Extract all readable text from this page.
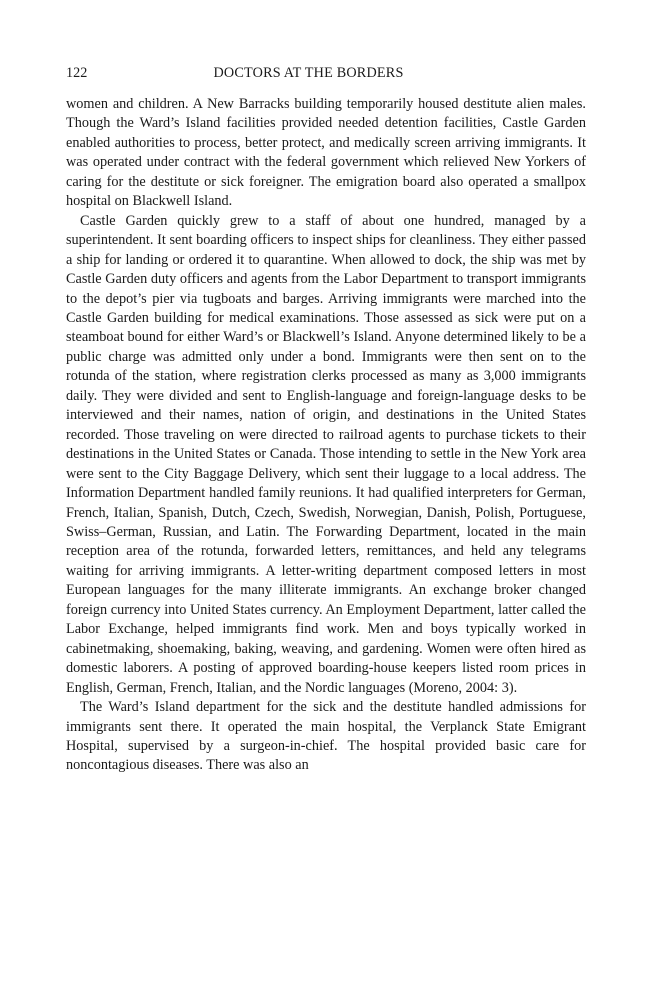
122	DOCTORS AT THE BORDERS

women and children. A New Barracks building temporarily housed destitute alien males. Though the Ward’s Island facilities provided needed detention facilities, Castle Garden enabled authorities to process, better protect, and medically screen arriving immigrants. It was operated under contract with the federal government which relieved New Yorkers of caring for the destitute or sick foreigner. The emigration board also operated a smallpox hospital on Blackwell Island.

Castle Garden quickly grew to a staff of about one hundred, managed by a superintendent. It sent boarding officers to inspect ships for cleanliness. They either passed a ship for landing or ordered it to quarantine. When allowed to dock, the ship was met by Castle Garden duty officers and agents from the Labor Department to transport immigrants to the depot’s pier via tugboats and barges. Arriving immigrants were marched into the Castle Garden building for medical examinations. Those assessed as sick were put on a steamboat bound for either Ward’s or Blackwell’s Island. Anyone determined likely to be a public charge was admitted only under a bond. Immigrants were then sent on to the rotunda of the station, where registration clerks processed as many as 3,000 immigrants daily. They were divided and sent to English-language and foreign-language desks to be interviewed and their names, nation of origin, and destinations in the United States recorded. Those traveling on were directed to railroad agents to purchase tickets to their destinations in the United States or Canada. Those intending to settle in the New York area were sent to the City Baggage Delivery, which sent their luggage to a local address. The Information Department handled family reunions. It had qualified interpreters for German, French, Italian, Spanish, Dutch, Czech, Swedish, Norwegian, Danish, Polish, Portuguese, Swiss–German, Russian, and Latin. The Forwarding Department, located in the main reception area of the rotunda, forwarded letters, remittances, and held any telegrams waiting for arriving immigrants. A letter-writing department composed letters in most European languages for the many illiterate immigrants. An exchange broker changed foreign currency into United States currency. An Employment Department, latter called the Labor Exchange, helped immigrants find work. Men and boys typically worked in cabinetmaking, shoemaking, baking, weaving, and gardening. Women were often hired as domestic laborers. A posting of approved boarding-house keepers listed room prices in English, German, French, Italian, and the Nordic languages (Moreno, 2004: 3).

The Ward’s Island department for the sick and the destitute handled admissions for immigrants sent there. It operated the main hospital, the Verplanck State Emigrant Hospital, supervised by a surgeon-in-chief. The hospital provided basic care for noncontagious diseases. There was also an
